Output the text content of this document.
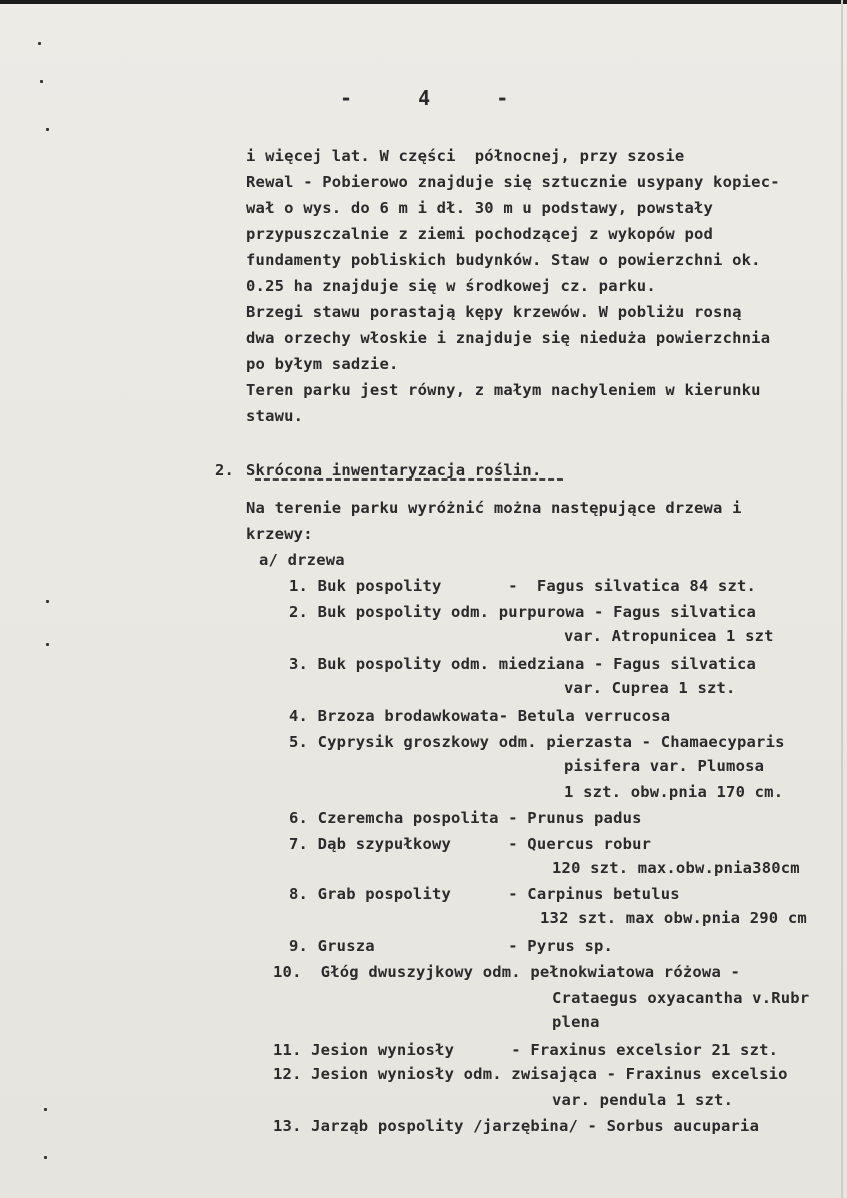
-  4  -
i więcej lat. W części  północnej, przy szosie
Rewal - Pobierowo znajduje się sztucznie usypany kopiec-
wał o wys. do 6 m i dł. 30 m u podstawy, powstały
przypuszczalnie z ziemi pochodzącej z wykopów pod
fundamenty pobliskich budynków. Staw o powierzchni ok.
0.25 ha znajduje się w środkowej cz. parku.
Brzegi stawu porastają kępy krzewów. W pobliżu rosną
dwa orzechy włoskie i znajduje się nieduża powierzchnia
po byłym sadzie.
Teren parku jest równy, z małym nachyleniem w kierunku
stawu.
2. Skrócona inwentaryzacja roślin.
Na terenie parku wyróżnić można następujące drzewa i
krzewy:
a/ drzewa
1. Buk pospolity       -  Fagus silvatica 84 szt.
2. Buk pospolity odm. purpurowa - Fagus silvatica
var. Atropunicea 1 szt
3. Buk pospolity odm. miedziana - Fagus silvatica
var. Cuprea 1 szt.
4. Brzoza brodawkowata- Betula verrucosa
5. Cyprysik groszkowy odm. pierzasta - Chamaecyparis
pisifera var. Plumosa
1 szt. obw.pnia 170 cm.
6. Czeremcha pospolita - Prunus padus
7. Dąb szypułkowy      - Quercus robur
120 szt. max.obw.pnia380cm
8. Grab pospolity      - Carpinus betulus
132 szt. max obw.pnia 290 cm
9. Grusza              - Pyrus sp.
10.  Głóg dwuszyjkowy odm. pełnokwiatowa różowa -
Crataegus oxyacantha v.Rubr
plena
11. Jesion wyniosły      - Fraxinus excelsior 21 szt.
12. Jesion wyniosły odm. zwisająca - Fraxinus excelsio
var. pendula 1 szt.
13. Jarząb pospolity /jarzębina/ - Sorbus aucuparia
